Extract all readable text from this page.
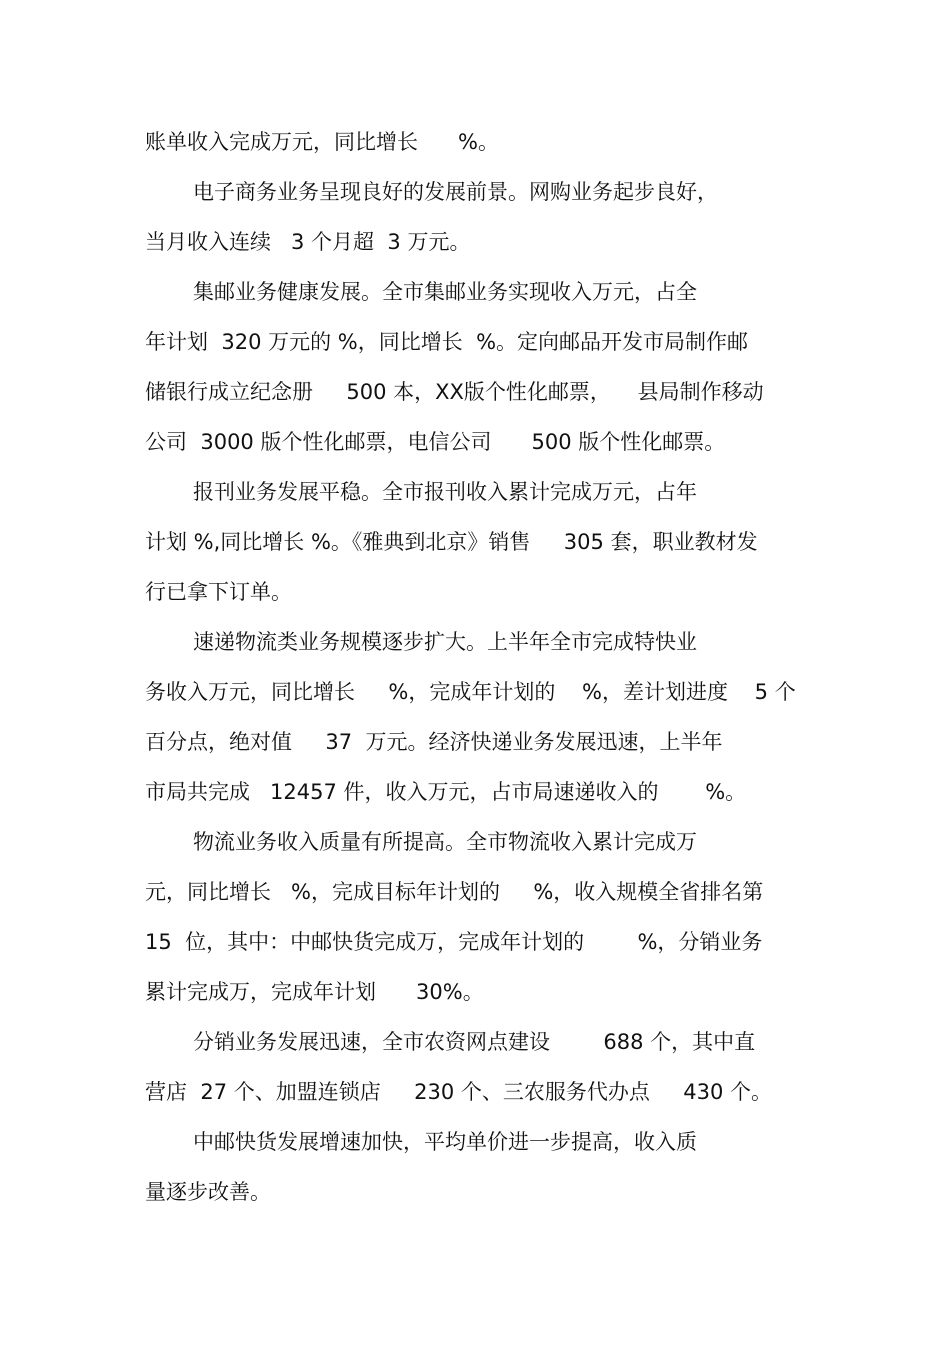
账单收入完成万元，同比增长      %。
电子商务业务呈现良好的发展前景。网购业务起步良好，
当月收入连续   3 个月超  3 万元。
集邮业务健康发展。全市集邮业务实现收入万元，占全
年计划  320 万元的 %，同比增长  %。定向邮品开发市局制作邮
储银行成立纪念册     500 本，XX版个性化邮票，    县局制作移动
公司  3000 版个性化邮票，电信公司      500 版个性化邮票。
报刊业务发展平稳。全市报刊收入累计完成万元，占年
计划 %,同比增长 %。《雅典到北京》销售     305 套，职业教材发
行已拿下订单。
速递物流类业务规模逐步扩大。上半年全市完成特快业
务收入万元，同比增长     %，完成年计划的    %，差计划进度    5 个
百分点，绝对值     37  万元。经济快递业务发展迅速，上半年
市局共完成   12457 件，收入万元，占市局速递收入的       %。
物流业务收入质量有所提高。全市物流收入累计完成万
元，同比增长   %，完成目标年计划的     %，收入规模全省排名第
15  位，其中：中邮快货完成万，完成年计划的        %，分销业务
累计完成万，完成年计划      30%。
分销业务发展迅速，全市农资网点建设        688 个，其中直
营店  27 个、加盟连锁店     230 个、三农服务代办点     430 个。
中邮快货发展增速加快，平均单价进一步提高，收入质
量逐步改善。
